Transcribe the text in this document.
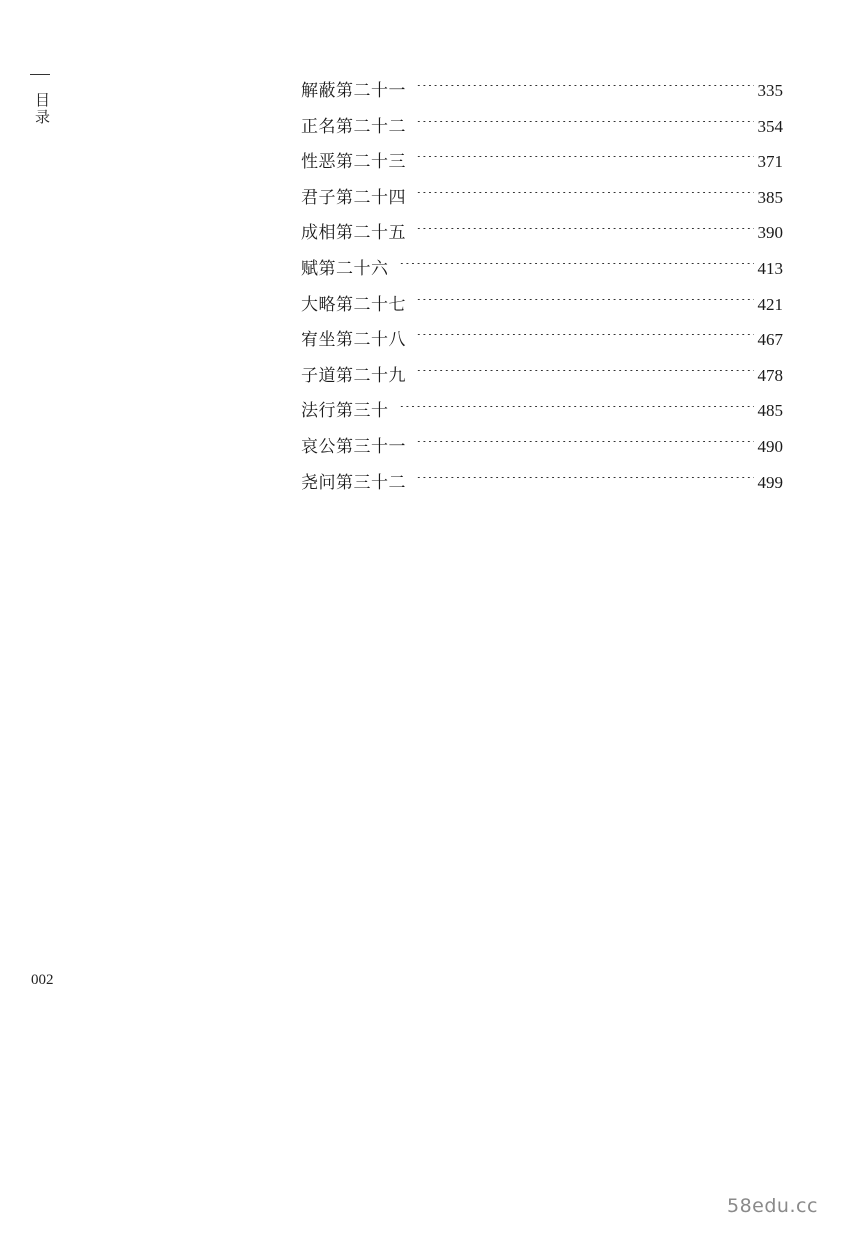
目录
解蔽第二十一	335
正名第二十二	354
性恶第二十三	371
君子第二十四	385
成相第二十五	390
赋第二十六	413
大略第二十七	421
宥坐第二十八	467
子道第二十九	478
法行第三十	485
哀公第三十一	490
尧问第三十二	499
002
58edu.cc
